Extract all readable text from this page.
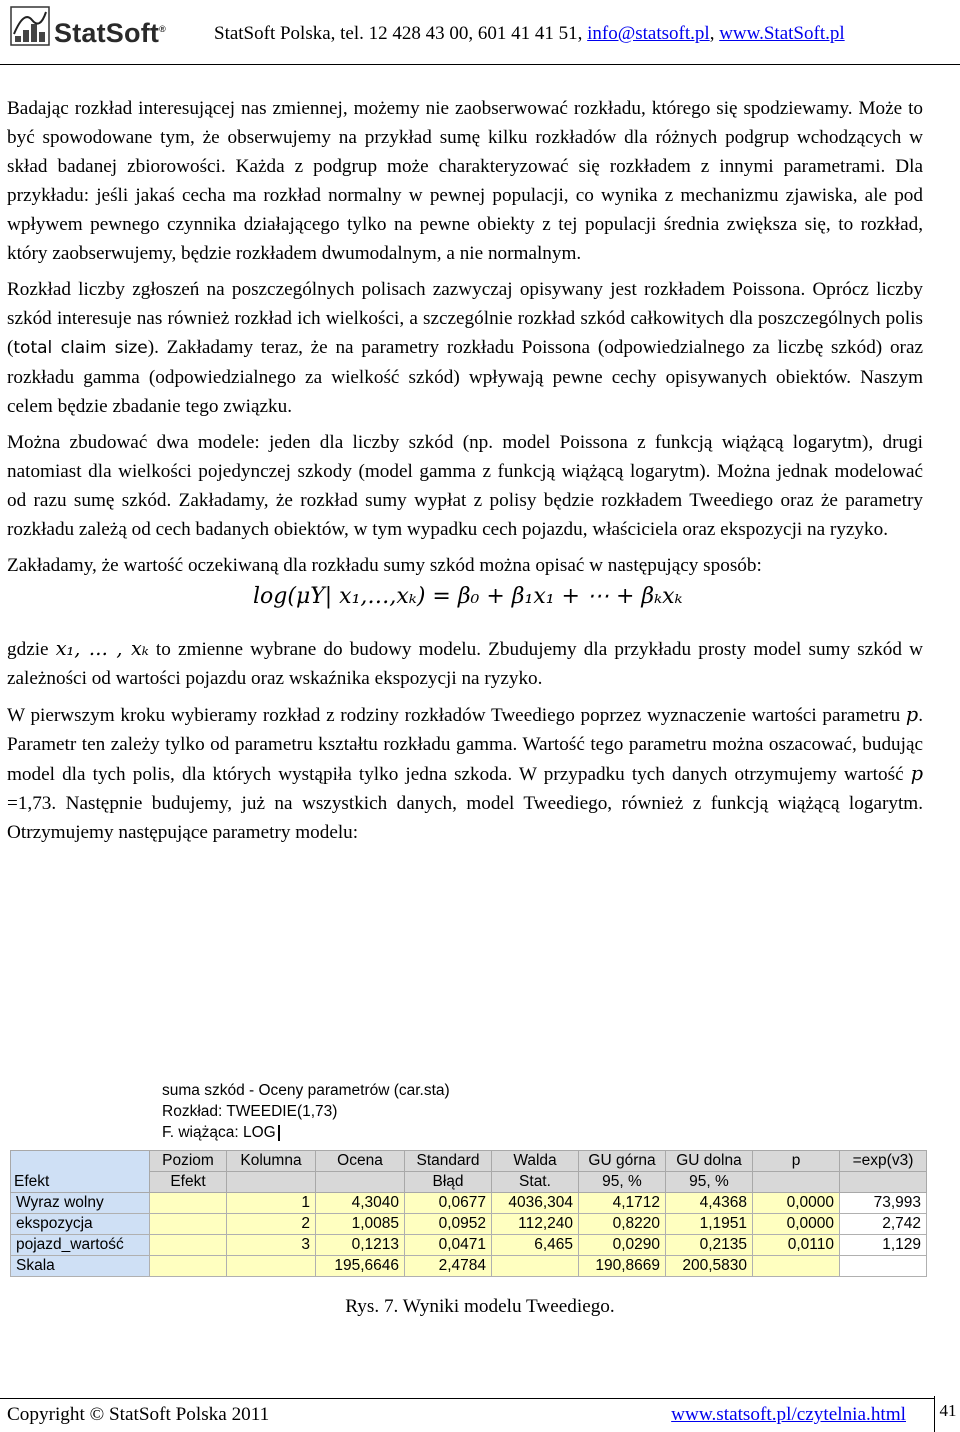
StatSoft®	StatSoft Polska, tel. 12 428 43 00, 601 41 41 51, info@statsoft.pl, www.StatSoft.pl

Badając rozkład interesującej nas zmiennej, możemy nie zaobserwować rozkładu, którego się spodziewamy. Może to być spowodowane tym, że obserwujemy na przykład sumę kilku rozkładów dla różnych podgrup wchodzących w skład badanej zbiorowości. Każda z podgrup może charakteryzować się rozkładem z innymi parametrami. Dla przykładu: jeśli jakaś cecha ma rozkład normalny w pewnej populacji, co wynika z mechanizmu zjawiska, ale pod wpływem pewnego czynnika działającego tylko na pewne obiekty z tej populacji średnia zwiększa się, to rozkład, który zaobserwujemy, będzie rozkładem dwumodalnym, a nie normalnym.

Rozkład liczby zgłoszeń na poszczególnych polisach zazwyczaj opisywany jest rozkładem Poissona. Oprócz liczby szkód interesuje nas również rozkład ich wielkości, a szczególnie rozkład szkód całkowitych dla poszczególnych polis (total claim size). Zakładamy teraz, że na parametry rozkładu Poissona (odpowiedzialnego za liczbę szkód) oraz rozkładu gamma (odpowiedzialnego za wielkość szkód) wpływają pewne cechy opisywanych obiektów. Naszym celem będzie zbadanie tego związku.

Można zbudować dwa modele: jeden dla liczby szkód (np. model Poissona z funkcją wiążącą logarytm), drugi natomiast dla wielkości pojedynczej szkody (model gamma z funkcją wiążącą logarytm). Można jednak modelować od razu sumę szkód. Zakładamy, że rozkład sumy wypłat z polisy będzie rozkładem Tweediego oraz że parametry rozkładu zależą od cech badanych obiektów, w tym wypadku cech pojazdu, właściciela oraz ekspozycji na ryzyko.

Zakładamy, że wartość oczekiwaną dla rozkładu sumy szkód można opisać w następujący sposób:

log(μY| x₁,…,xₖ) = β₀ + β₁x₁ + ⋯ + βₖxₖ

gdzie x₁, … , xₖ to zmienne wybrane do budowy modelu. Zbudujemy dla przykładu prosty model sumy szkód w zależności od wartości pojazdu oraz wskaźnika ekspozycji na ryzyko.

W pierwszym kroku wybieramy rozkład z rodziny rozkładów Tweediego poprzez wyznaczenie wartości parametru p. Parametr ten zależy tylko od parametru kształtu rozkładu gamma. Wartość tego parametru można oszacować, budując model dla tych polis, dla których wystąpiła tylko jedna szkoda. W przypadku tych danych otrzymujemy wartość p =1,73. Następnie budujemy, już na wszystkich danych, model Tweediego, również z funkcją wiążącą logarytm. Otrzymujemy następujące parametry modelu:

suma szkód - Oceny parametrów (car.sta)
Rozkład: TWEEDIE(1,73)
F. wiążąca: LOG
Efekt	Poziom	Kolumna	Ocena	Standard	Walda	GU górna	GU dolna	p	=exp(v3)
	Efekt			Błąd	Stat.	95, %	95, %		
Wyraz wolny		1	4,3040	0,0677	4036,304	4,1712	4,4368	0,0000	73,993
ekspozycja		2	1,0085	0,0952	112,240	0,8220	1,1951	0,0000	2,742
pojazd_wartość		3	0,1213	0,0471	6,465	0,0290	0,2135	0,0110	1,129
Skala			195,6646	2,4784		190,8669	200,5830		
Rys. 7. Wyniki modelu Tweediego.
Copyright © StatSoft Polska 2011	www.statsoft.pl/czytelnia.html	41
